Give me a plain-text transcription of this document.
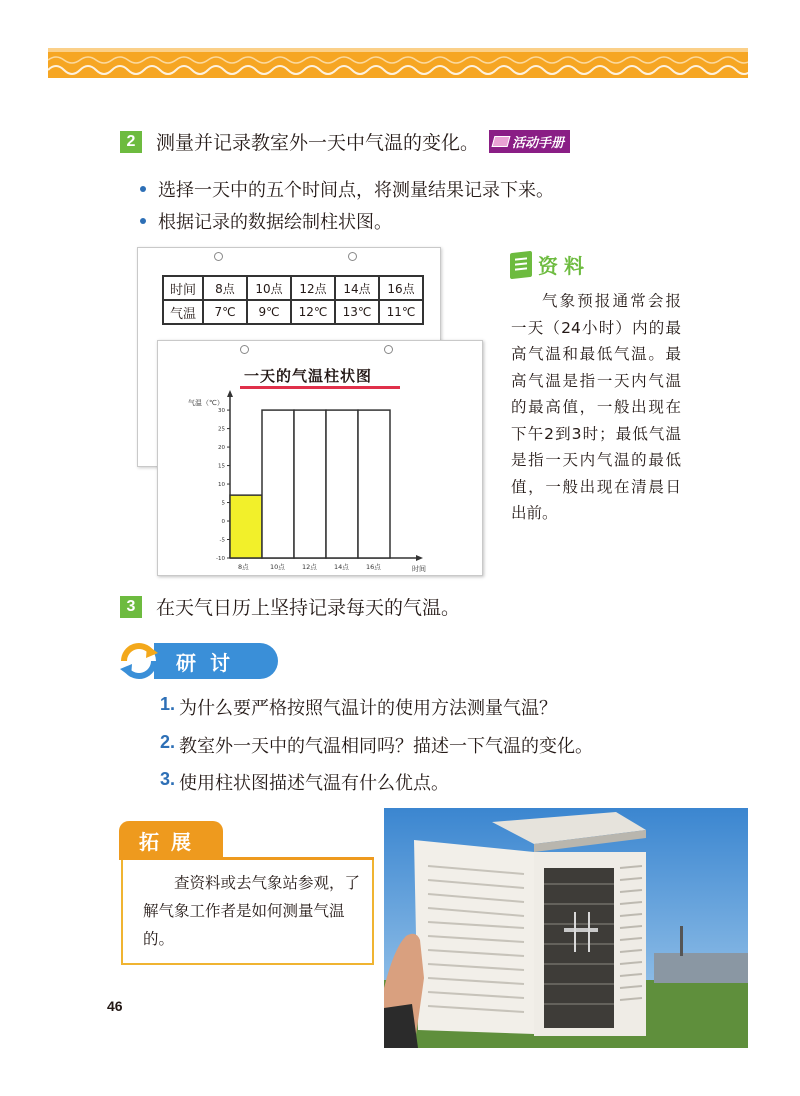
2	测量并记录教室外一天中气温的变化。	活动手册
选择一天中的五个时间点，将测量结果记录下来。
根据记录的数据绘制柱状图。
时间	8点	10点	12点	14点	16点
气温	7℃	9℃	12℃	13℃	11℃
一天的气温柱状图
气温（℃）
时间
-10
-5
0
5
10
15
20
25
30
8点	10点	12点	14点	16点
资料
气象预报通常会报一天（24小时）内的最高气温和最低气温。最高气温是指一天内气温的最高值，一般出现在下午2到3时；最低气温是指一天内气温的最低值，一般出现在清晨日出前。
3	在天气日历上坚持记录每天的气温。
研讨
1. 为什么要严格按照气温计的使用方法测量气温？
2. 教室外一天中的气温相同吗？描述一下气温的变化。
3. 使用柱状图描述气温有什么优点。
拓展
查资料或去气象站参观，了解气象工作者是如何测量气温的。
46
